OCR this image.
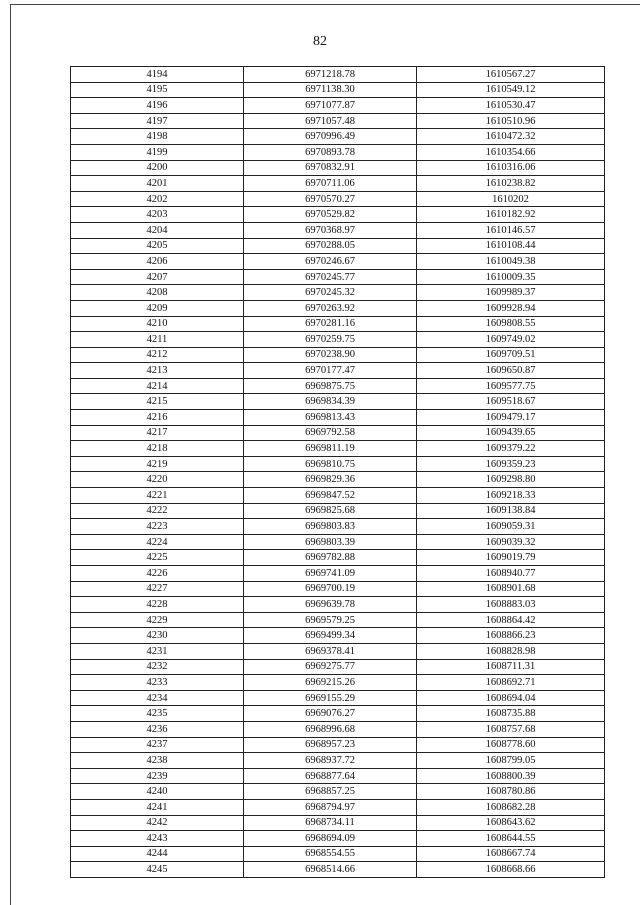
82
4194	6971218.78	1610567.27
4195	6971138.30	1610549.12
4196	6971077.87	1610530.47
4197	6971057.48	1610510.96
4198	6970996.49	1610472.32
4199	6970893.78	1610354.66
4200	6970832.91	1610316.06
4201	6970711.06	1610238.82
4202	6970570.27	1610202
4203	6970529.82	1610182.92
4204	6970368.97	1610146.57
4205	6970288.05	1610108.44
4206	6970246.67	1610049.38
4207	6970245.77	1610009.35
4208	6970245.32	1609989.37
4209	6970263.92	1609928.94
4210	6970281.16	1609808.55
4211	6970259.75	1609749.02
4212	6970238.90	1609709.51
4213	6970177.47	1609650.87
4214	6969875.75	1609577.75
4215	6969834.39	1609518.67
4216	6969813.43	1609479.17
4217	6969792.58	1609439.65
4218	6969811.19	1609379.22
4219	6969810.75	1609359.23
4220	6969829.36	1609298.80
4221	6969847.52	1609218.33
4222	6969825.68	1609138.84
4223	6969803.83	1609059.31
4224	6969803.39	1609039.32
4225	6969782.88	1609019.79
4226	6969741.09	1608940.77
4227	6969700.19	1608901.68
4228	6969639.78	1608883.03
4229	6969579.25	1608864.42
4230	6969499.34	1608866.23
4231	6969378.41	1608828.98
4232	6969275.77	1608711.31
4233	6969215.26	1608692.71
4234	6969155.29	1608694.04
4235	6969076.27	1608735.88
4236	6968996.68	1608757.68
4237	6968957.23	1608778.60
4238	6968937.72	1608799.05
4239	6968877.64	1608800.39
4240	6968857.25	1608780.86
4241	6968794.97	1608682.28
4242	6968734.11	1608643.62
4243	6968694.09	1608644.55
4244	6968554.55	1608667.74
4245	6968514.66	1608668.66
